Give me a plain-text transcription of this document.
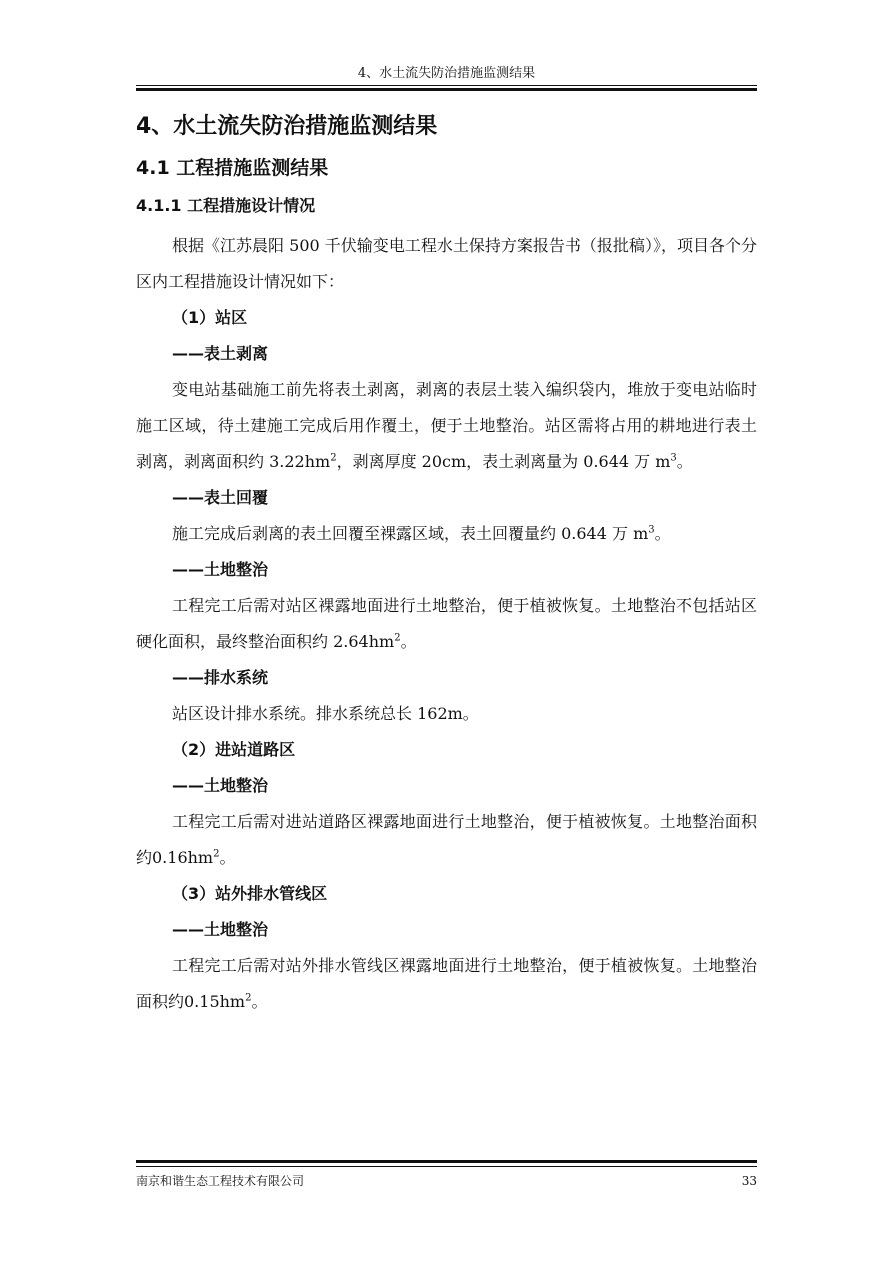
4、水土流失防治措施监测结果
4、水土流失防治措施监测结果
4.1 工程措施监测结果
4.1.1 工程措施设计情况

根据《江苏晨阳 500 千伏输变电工程水土保持方案报告书（报批稿）》，项目各个分区内工程措施设计情况如下：

（1）站区

——表土剥离

变电站基础施工前先将表土剥离，剥离的表层土装入编织袋内，堆放于变电站临时施工区域，待土建施工完成后用作覆土，便于土地整治。站区需将占用的耕地进行表土剥离，剥离面积约 $3.22hm^2$，剥离厚度 20cm，表土剥离量为 0.644 万 $m^3$。

——表土回覆

施工完成后剥离的表土回覆至裸露区域，表土回覆量约 0.644 万 $m^3$。

——土地整治

工程完工后需对站区裸露地面进行土地整治，便于植被恢复。土地整治不包括站区硬化面积，最终整治面积约 $2.64hm^2$。

——排水系统

站区设计排水系统。排水系统总长 162m。

（2）进站道路区

——土地整治

工程完工后需对进站道路区裸露地面进行土地整治，便于植被恢复。土地整治面积约$0.16hm^2$。

（3）站外排水管线区

——土地整治

工程完工后需对站外排水管线区裸露地面进行土地整治，便于植被恢复。土地整治面积约$0.15hm^2$。

南京和谐生态工程技术有限公司	33
